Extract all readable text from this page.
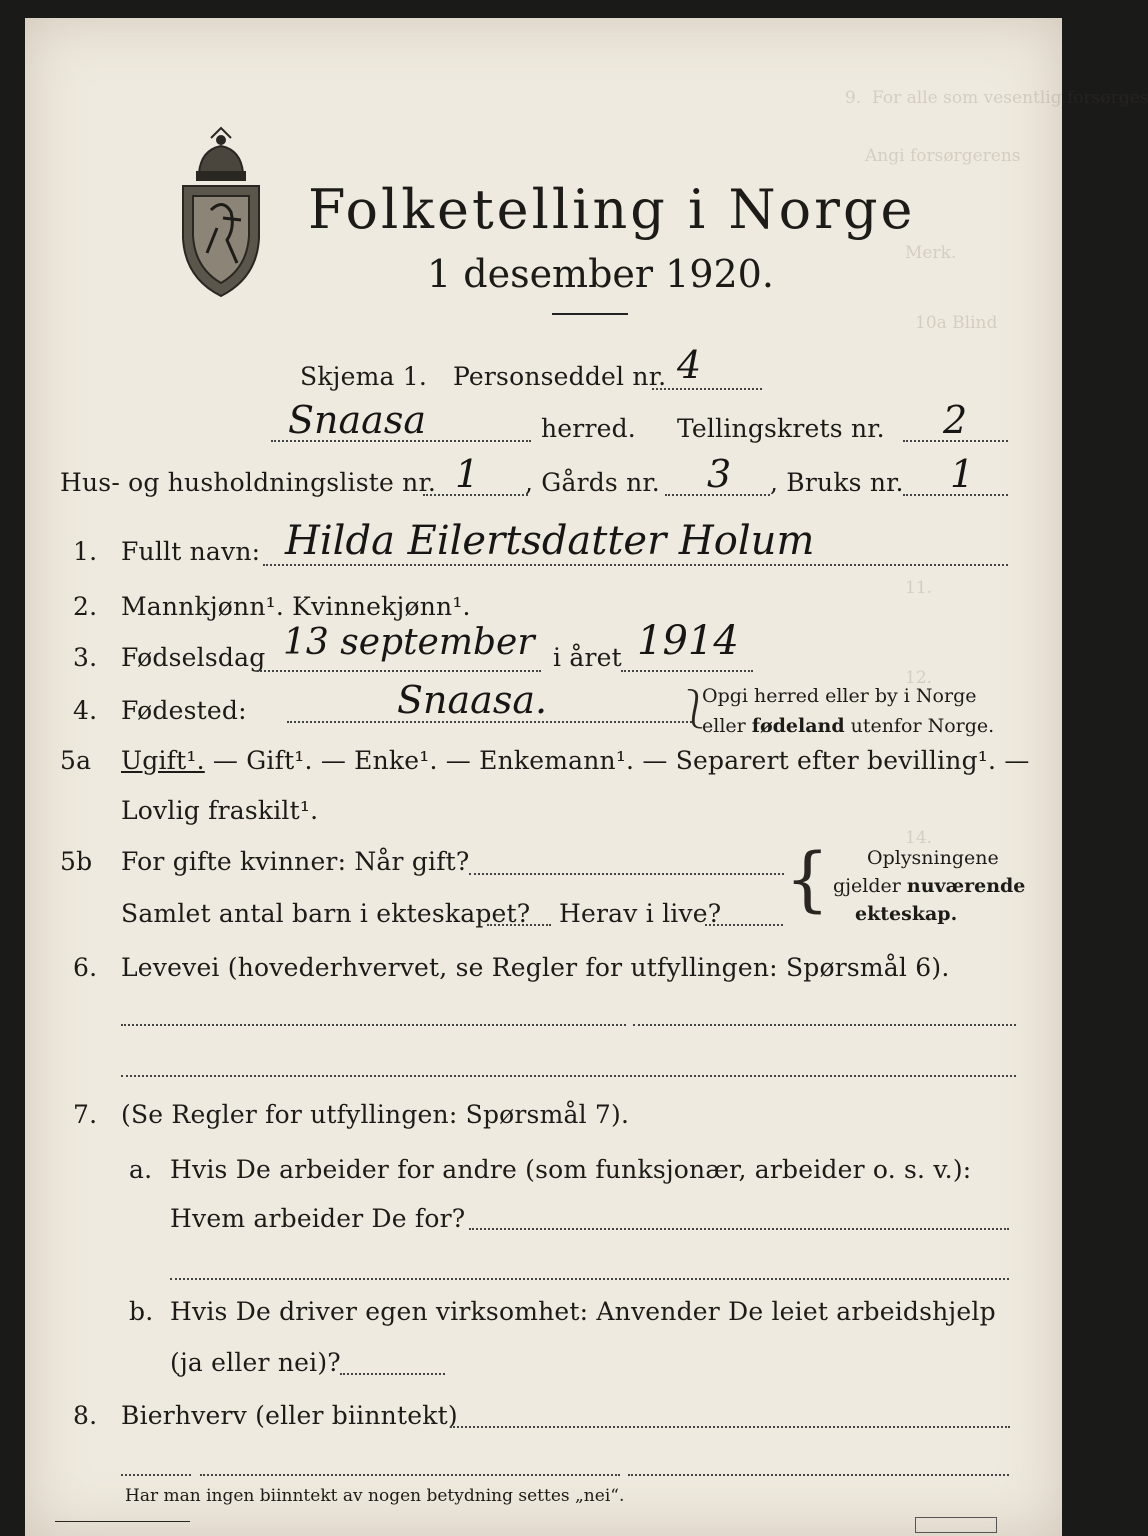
9.  For alle som vesentlig forsørges
Angi forsørgerens
Merk.
10a Blind
11.
12.
14.
Folketelling i Norge
1 desember 1920.
Skjema 1. Personseddel nr. 4
Snaasa	herred. Tellingskrets nr. 2
Hus- og husholdningsliste nr. 1 , Gårds nr. 3 , Bruks nr. 1
1. Fullt navn: Hilda Eilertsdatter Holum
2. Mannkjønn¹. Kvinnekjønn¹.
3. Fødselsdag 13 september i året 1914
4. Fødested:	Snaasa.	⎱
Opgi herred eller by i Norge
eller fødeland utenfor Norge.
5a Ugift¹. — Gift¹. — Enke¹. — Enkemann¹. — Separert efter bevilling¹. —
Lovlig fraskilt¹.
5b For gifte kvinner: Når gift?
Samlet antal barn i ekteskapet? Herav i live? { Oplysningene
gjelder nuværende
ekteskap.
6. Levevei (hovederhvervet, se Regler for utfyllingen: Spørsmål 6).
7. (Se Regler for utfyllingen: Spørsmål 7).
a. Hvis De arbeider for andre (som funksjonær, arbeider o. s. v.):
Hvem arbeider De for?
b. Hvis De driver egen virksomhet: Anvender De leiet arbeidshjelp
(ja eller nei)?
8. Bierhverv (eller biinntekt)
Har man ingen biinntekt av nogen betydning settes „nei“.
